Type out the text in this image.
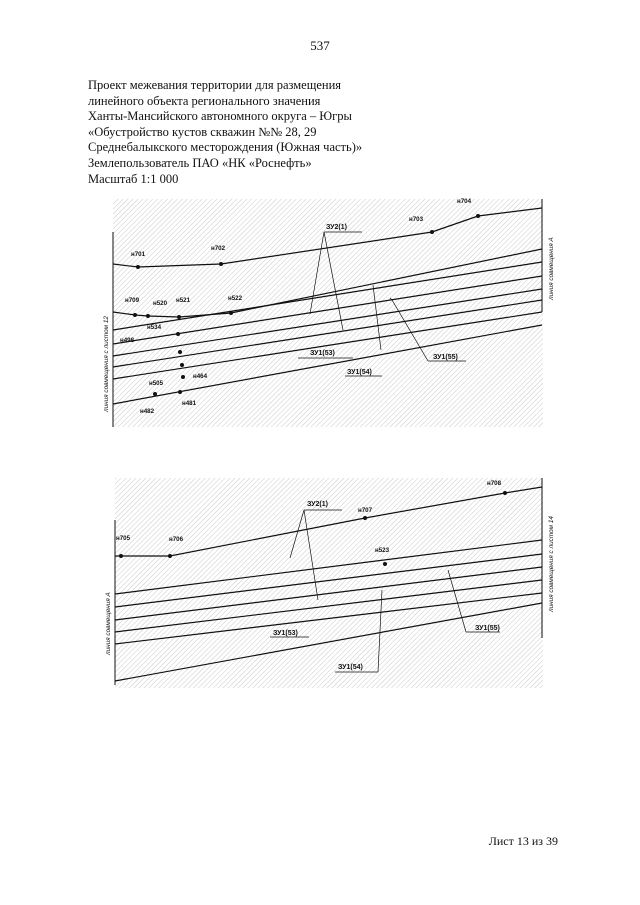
537
Проект межевания территории для размещения
линейного объекта регионального значения
Ханты-Мансийского автономного округа – Югры
«Обустройство кустов скважин №№ 28, 29
Среднебалыкского месторождения (Южная часть)»
Землепользователь ПАО «НК «Роснефть»
Масштаб 1:1 000
н701
н702
н703
н704
н709 н520 н521	н522
н534
н498
н505
н464
н482
н481
ЗУ2(1)
ЗУ1(53)
ЗУ1(54)
ЗУ1(55)
линия совмещения с листом 12
линия совмещения А
н705	н706
н707
н708
н523
ЗУ2(1)
ЗУ1(53)
ЗУ1(54)
ЗУ1(55)
линия совмещения А
линия совмещения с листом 14
Лист 13 из 39
